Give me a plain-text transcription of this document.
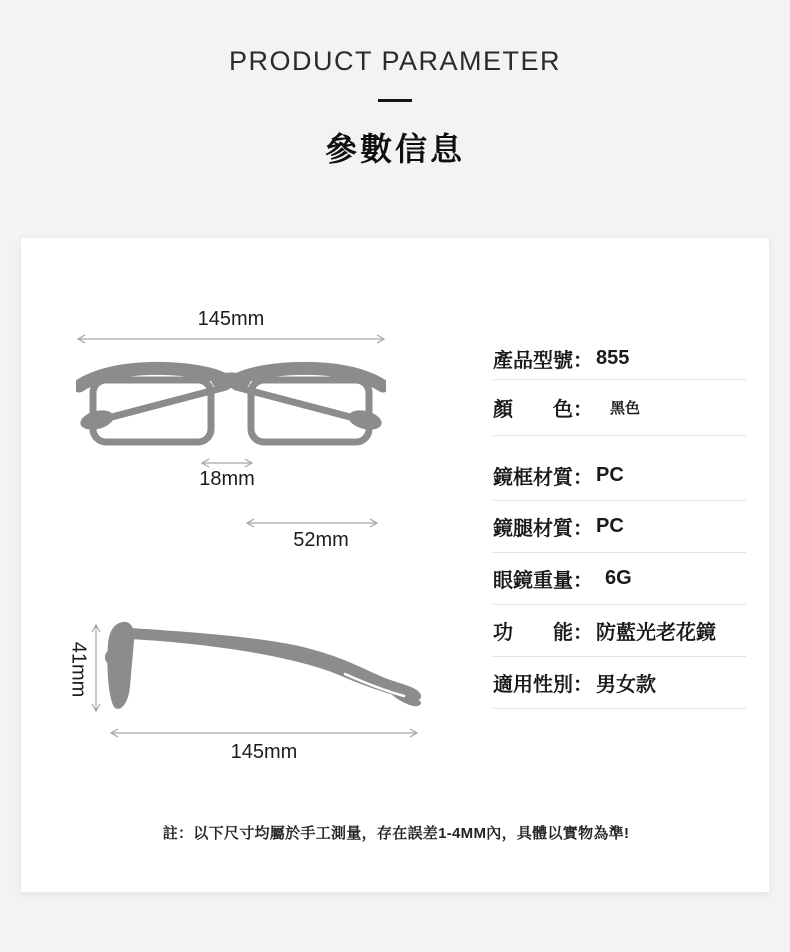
PRODUCT PARAMETER
參數信息
145mm
18mm
52mm
41mm
145mm
產品型號 ： 855
顏色 ：	黑色
鏡框材質 ： PC
鏡腿材質 ： PC
眼鏡重量 ： 6G
功能 ： 防藍光老花鏡
適用性別 ： 男女款
註：以下尺寸均屬於手工測量，存在誤差1-4MM內，具體以實物為準!
